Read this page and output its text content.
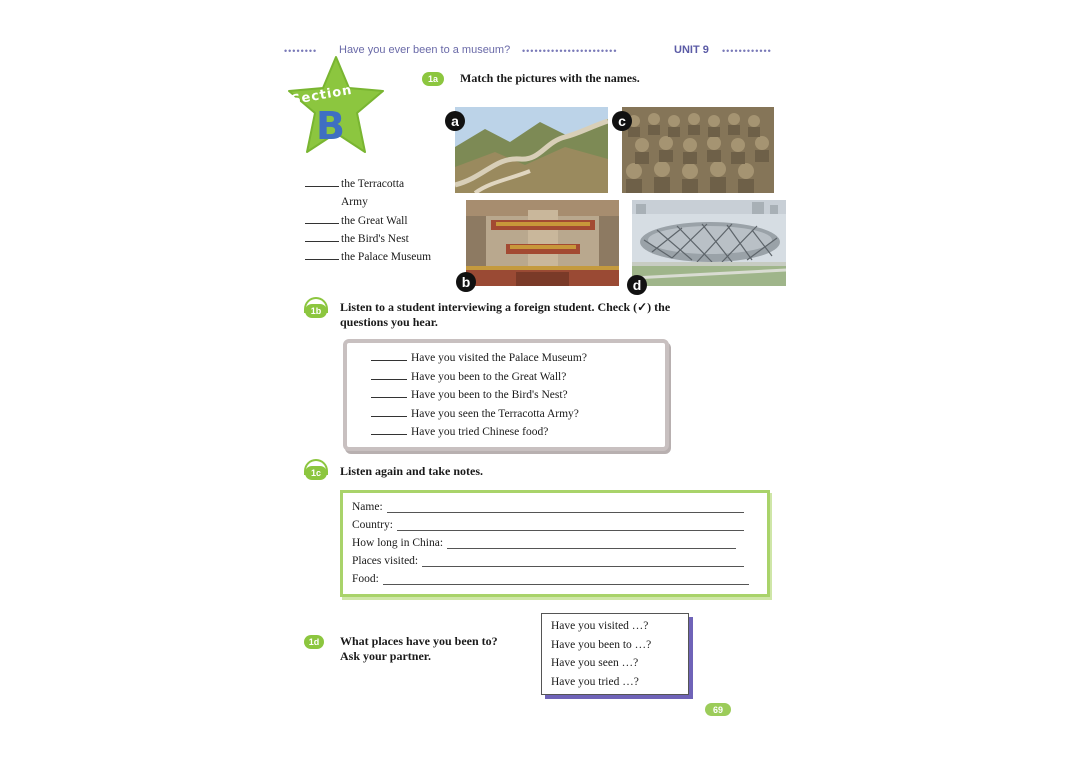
•••••••• Have you ever been to a museum? •••••••••••••••••••••••	UNIT 9 ••••••••••••
Section
B
1a	Match the pictures with the names.
the Terracotta
Army
the Great Wall
the Bird's Nest
the Palace Museum
a	c
b	d
1b	Listen to a student interviewing a foreign student. Check (✓) the
questions you hear.
Have you visited the Palace Museum?
Have you been to the Great Wall?
Have you been to the Bird's Nest?
Have you seen the Terracotta Army?
Have you tried Chinese food?
1c	Listen again and take notes.
Name:
Country:
How long in China:
Places visited:
Food:
1d	What places have you been to?
Ask your partner.
Have you visited …?
Have you been to …?
Have you seen …?
Have you tried …?
69
